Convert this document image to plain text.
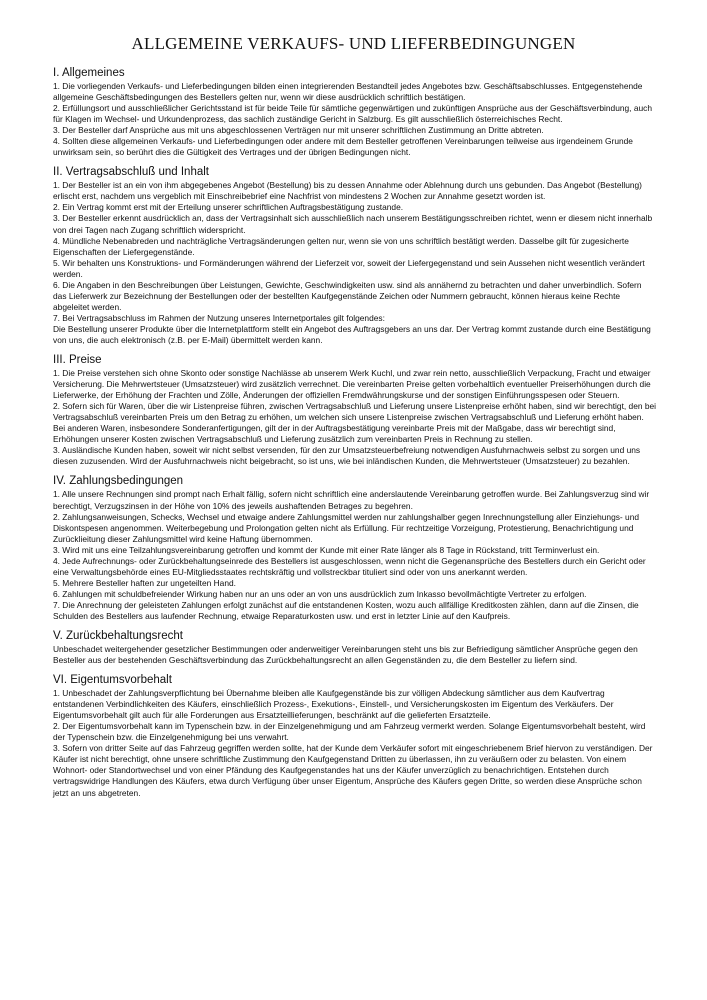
ALLGEMEINE VERKAUFS- UND LIEFERBEDINGUNGEN
I. Allgemeines

1. Die vorliegenden Verkaufs- und Lieferbedingungen bilden einen integrierenden Bestandteil jedes Angebotes bzw. Geschäftsabschlusses. Entgegenstehende allgemeine Geschäftsbedingungen des Bestellers gelten nur, wenn wir diese ausdrücklich schriftlich bestätigen.

2. Erfüllungsort und ausschließlicher Gerichtsstand ist für beide Teile für sämtliche gegenwärtigen und zukünftigen Ansprüche aus der Geschäftsverbindung, auch für Klagen im Wechsel- und Urkundenprozess, das sachlich zuständige Gericht in Salzburg. Es gilt ausschließlich österreichisches Recht.

3. Der Besteller darf Ansprüche aus mit uns abgeschlossenen Verträgen nur mit unserer schriftlichen Zustimmung an Dritte abtreten.

4. Sollten diese allgemeinen Verkaufs- und Lieferbedingungen oder andere mit dem Besteller getroffenen Vereinbarungen teilweise aus irgendeinem Grunde unwirksam sein, so berührt dies die Gültigkeit des Vertrages und der übrigen Bedingungen nicht.

II. Vertragsabschluß und Inhalt

1. Der Besteller ist an ein von ihm abgegebenes Angebot (Bestellung) bis zu dessen Annahme oder Ablehnung durch uns gebunden. Das Angebot (Bestellung) erlischt erst, nachdem uns vergeblich mit Einschreibebrief eine Nachfrist von mindestens 2 Wochen zur Annahme gesetzt worden ist.

2. Ein Vertrag kommt erst mit der Erteilung unserer schriftlichen Auftragsbestätigung zustande.

3. Der Besteller erkennt ausdrücklich an, dass der Vertragsinhalt sich ausschließlich nach unserem Bestätigungsschreiben richtet, wenn er diesem nicht innerhalb von drei Tagen nach Zugang schriftlich widerspricht.

4. Mündliche Nebenabreden und nachträgliche Vertragsänderungen gelten nur, wenn sie von uns schriftlich bestätigt werden. Dasselbe gilt für zugesicherte Eigenschaften der Liefergegenstände.

5. Wir behalten uns Konstruktions- und Formänderungen während der Lieferzeit vor, soweit der Liefergegenstand und sein Aussehen nicht wesentlich verändert werden.

6. Die Angaben in den Beschreibungen über Leistungen, Gewichte, Geschwindigkeiten usw. sind als annähernd zu betrachten und daher unverbindlich. Sofern das Lieferwerk zur Bezeichnung der Bestellungen oder der bestellten Kaufgegenstände Zeichen oder Nummern gebraucht, können hieraus keine Rechte abgeleitet werden.

7. Bei Vertragsabschluss im Rahmen der Nutzung unseres Internetportales gilt folgendes:

Die Bestellung unserer Produkte über die Internetplattform stellt ein Angebot des Auftragsgebers an uns dar. Der Vertrag kommt zustande durch eine Bestätigung von uns, die auch elektronisch (z.B. per E-Mail) übermittelt werden kann.

III. Preise

1. Die Preise verstehen sich ohne Skonto oder sonstige Nachlässe ab unserem Werk Kuchl, und zwar rein netto, ausschließlich Verpackung, Fracht und etwaiger Versicherung. Die Mehrwertsteuer (Umsatzsteuer) wird zusätzlich verrechnet. Die vereinbarten Preise gelten vorbehaltlich eventueller Preiserhöhungen durch die Lieferwerke, der Erhöhung der Frachten und Zölle, Änderungen der offiziellen Fremdwährungskurse und der sonstigen Einführungsspesen oder Steuern.

2. Sofern sich für Waren, über die wir Listenpreise führen, zwischen Vertragsabschluß und Lieferung unsere Listenpreise erhöht haben, sind wir berechtigt, den bei Vertragsabschluß vereinbarten Preis um den Betrag zu erhöhen, um welchen sich unsere Listenpreise zwischen Vertragsabschluß und Lieferung erhöht haben. Bei anderen Waren, insbesondere Sonderanfertigungen, gilt der in der Auftragsbestätigung vereinbarte Preis mit der Maßgabe, dass wir berechtigt sind, Erhöhungen unserer Kosten zwischen Vertragsabschluß und Lieferung zusätzlich zum vereinbarten Preis in Rechnung zu stellen.

3. Ausländische Kunden haben, soweit wir nicht selbst versenden, für den zur Umsatzsteuerbefreiung notwendigen Ausfuhrnachweis selbst zu sorgen und uns diesen zuzusenden. Wird der Ausfuhrnachweis nicht beigebracht, so ist uns, wie bei inländischen Kunden, die Mehrwertsteuer (Umsatzsteuer) zu bezahlen.

IV. Zahlungsbedingungen

1. Alle unsere Rechnungen sind prompt nach Erhalt fällig, sofern nicht schriftlich eine anderslautende Vereinbarung getroffen wurde. Bei Zahlungsverzug sind wir berechtigt, Verzugszinsen in der Höhe von 10% des jeweils aushaftenden Betrages zu begehren.

2. Zahlungsanweisungen, Schecks, Wechsel und etwaige andere Zahlungsmittel werden nur zahlungshalber gegen Inrechnungstellung aller Einziehungs- und Diskontspesen angenommen. Weiterbegebung und Prolongation gelten nicht als Erfüllung. Für rechtzeitige Vorzeigung, Protestierung, Benachrichtigung und Zurücklieitung dieser Zahlungsmittel wird keine Haftung übernommen.

3. Wird mit uns eine Teilzahlungsvereinbarung getroffen und kommt der Kunde mit einer Rate länger als 8 Tage in Rückstand, tritt Terminverlust ein.

4. Jede Aufrechnungs- oder Zurückbehaltungseinrede des Bestellers ist ausgeschlossen, wenn nicht die Gegenansprüche des Bestellers durch ein Gericht oder eine Verwaltungsbehörde eines EU-Mitgliedsstaates rechtskräftig und vollstreckbar tituliert sind oder von uns anerkannt werden.

5. Mehrere Besteller haften zur ungeteilten Hand.

6. Zahlungen mit schuldbefreiender Wirkung haben nur an uns oder an von uns ausdrücklich zum Inkasso bevollmächtigte Vertreter zu erfolgen.

7. Die Anrechnung der geleisteten Zahlungen erfolgt zunächst auf die entstandenen Kosten, wozu auch allfällige Kreditkosten zählen, dann auf die Zinsen, die Schulden des Bestellers aus laufender Rechnung, etwaige Reparaturkosten usw. und erst in letzter Linie auf den Kaufpreis.

V. Zurückbehaltungsrecht

Unbeschadet weitergehender gesetzlicher Bestimmungen oder anderweitiger Vereinbarungen steht uns bis zur Befriedigung sämtlicher Ansprüche gegen den Besteller aus der bestehenden Geschäftsverbindung das Zurückbehaltungsrecht an allen Gegenständen zu, die dem Besteller zu liefern sind.

VI. Eigentumsvorbehalt

1. Unbeschadet der Zahlungsverpflichtung bei Übernahme bleiben alle Kaufgegenstände bis zur völligen Abdeckung sämtlicher aus dem Kaufvertrag entstandenen Verbindlichkeiten des Käufers, einschließlich Prozess-, Exekutions-, Einstell-, und Versicherungskosten im Eigentum des Verkäufers. Der Eigentumsvorbehalt gilt auch für alle Forderungen aus Ersatzteillieferungen, beschränkt auf die gelieferten Ersatzteile.

2. Der Eigentumsvorbehalt kann im Typenschein bzw. in der Einzelgenehmigung und am Fahrzeug vermerkt werden. Solange Eigentumsvorbehalt besteht, wird der Typenschein bzw. die Einzelgenehmigung bei uns verwahrt.

3. Sofern von dritter Seite auf das Fahrzeug gegriffen werden sollte, hat der Kunde dem Verkäufer sofort mit eingeschriebenem Brief hiervon zu verständigen. Der Käufer ist nicht berechtigt, ohne unsere schriftliche Zustimmung den Kaufgegenstand Dritten zu überlassen, ihn zu veräußern oder zu belasten. Von einem Wohnort- oder Standortwechsel und von einer Pfändung des Kaufgegenstandes hat uns der Käufer unverzüglich zu benachrichtigen. Entstehen durch vertragswidrige Handlungen des Käufers, etwa durch Verfügung über unser Eigentum, Ansprüche des Käufers gegen Dritte, so werden diese Ansprüche schon jetzt an uns abgetreten.
